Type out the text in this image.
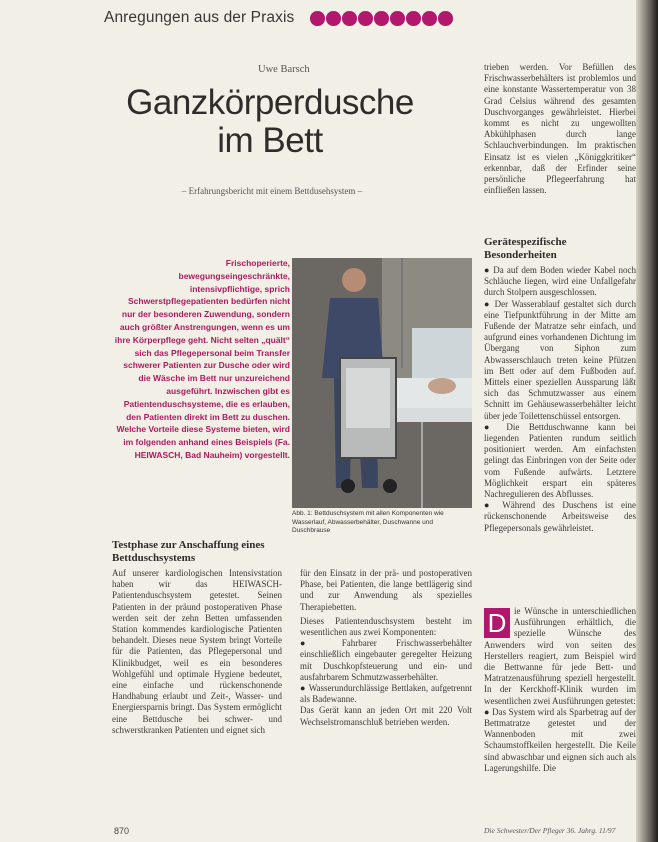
Anregungen aus der Praxis
Uwe Barsch
Ganzkörperdusche
im Bett
– Erfahrungsbericht mit einem Bettdusehsystem –
Frischoperierte, bewegungseingeschränkte, intensivpflichtige, sprich Schwerstpflegepatienten bedürfen nicht nur der besonderen Zuwendung, sondern auch größter Anstrengungen, wenn es um ihre Körperpflege geht. Nicht selten „quält“ sich das Pflegepersonal beim Transfer schwerer Patienten zur Dusche oder wird die Wäsche im Bett nur unzureichend ausgeführt. Inzwischen gibt es Patientenduschsysteme, die es erlauben, den Patienten direkt im Bett zu duschen. Welche Vorteile diese Systeme bieten, wird im folgenden anhand eines Beispiels (Fa. HEIWASCH, Bad Nauheim) vorgestellt.
Abb. 1: Bettduschsystem mit allen Komponenten wie Wasserlauf, Abwasserbehälter, Duschwanne und Duschbrause
Testphase zur Anschaffung eines Bettduschsystems

Auf unserer kardiologischen Intensivstation haben wir das HEIWASCH-Patientenduschsystem getestet. Seinen Patienten in der präund postoperativen Phase werden seit der zehn Betten umfassenden Station kommendes kardiologische Patienten behandelt. Dieses neue System bringt Vorteile für die Patienten, das Pflegepersonal und Klinikbudget, weil es ein besonderes Wohlgefühl und optimale Hygiene bedeutet, eine einfache und rückenschonende Handhabung erlaubt und Zeit-, Wasser- und Energiersparnis bringt. Das System ermöglicht eine Bettdusche bei schwer- und schwerstkranken Patienten und eignet sich

für den Einsatz in der prä- und postoperativen Phase, bei Patienten, die lange bettlägerig sind und zur Anwendung als spezielles Therapiebetten.

Dieses Patientenduschsystem besteht im wesentlichen aus zwei Komponenten:

● Fahrbarer Frischwasserbehälter einschließlich eingebauter geregelter Heizung mit Duschkopfsteuerung und ein- und ausfahrbarem Schmutzwasserbehälter.

● Wasserundurchlässige Bettlaken, aufgetrennt als Badewanne.

Das Gerät kann an jeden Ort mit 220 Volt Wechselstromanschluß betrieben werden.

trieben werden. Vor Befüllen des Frischwasserbehälters ist problemlos und eine konstante Wassertemperatur von 38 Grad Celsius während des gesamten Duschvorganges gewährleistet. Hierbei kommt es nicht zu ungewollten Abkühlphasen durch lange Schlauchverbindungen. Im praktischen Einsatz ist es vielen „Königgkritiker“ erkennbar, daß der Erfinder seine persönliche Pflegeerfahrung hat einfließen lassen.
Gerätespezifische Besonderheiten

● Da auf dem Boden wieder Kabel noch Schläuche liegen, wird eine Unfallgefahr durch Stolpern ausgeschlossen.

● Der Wasserablauf gestaltet sich durch eine Tiefpunktführung in der Mitte am Fußende der Matratze sehr einfach, und aufgrund eines vorhandenen Dichtung im Übergang von Siphon zum Abwasserschlauch treten keine Pfützen im Bett oder auf dem Fußboden auf. Mittels einer speziellen Aussparung läßt sich das Schmutzwasser aus einem Schnitt im Gehäusewasserbehälter leicht über jede Toilettenschüssel entsorgen.

● Die Bettduschwanne kann bei liegenden Patienten rundum seitlich positioniert werden. Am einfachsten gelingt das Einbringen von der Seite oder vom Fußende aufwärts. Letztere Möglichkeit erspart ein späteres Nachregulieren des Abflusses.

● Während des Duschens ist eine rückenschonende Arbeitsweise des Pflegepersonals gewährleistet.

D ie Wünsche in unterschiedlichen Ausführungen erhältlich, die spezielle Wünsche des Anwenders wird von seiten des Herstellers reagiert, zum Beispiel wird die Bettwanne für jede Bett- und Matratzenausführung speziell hergestellt. In der Kerckhoff-Klinik wurden im wesentlichen zwei Ausführungen getestet:

● Das System wird als Sparbetrag auf der Bettmatratze getestet und der Wannenboden mit zwei Schaumstoffkeilen hergestellt. Die Keile sind abwaschbar und eignen sich auch als Lagerungshilfe. Die

870	Die Schwester/Der Pfleger 36. Jahrg. 11/97
